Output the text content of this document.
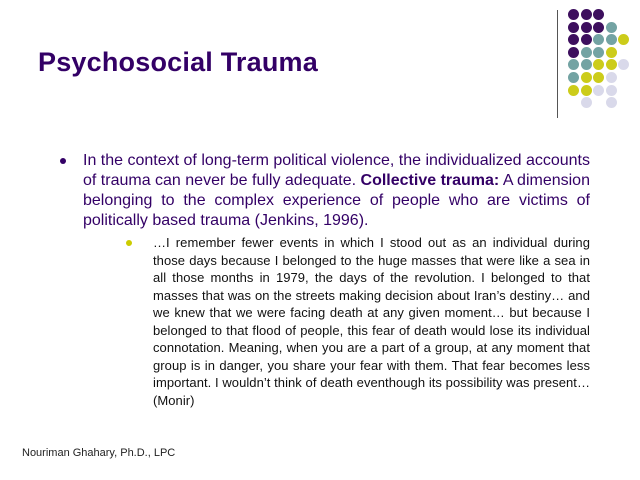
Psychosocial Trauma
In the context of long-term political violence, the individualized accounts of trauma can never be fully adequate. Collective trauma: A dimension belonging to the complex experience of people who are victims of politically based trauma (Jenkins, 1996).
…I remember fewer events in which I stood out as an individual during those days because I belonged to the huge masses that were like a sea in all those months in 1979, the days of the revolution. I belonged to that masses that was on the streets making decision about Iran’s destiny… and we knew that we were facing death at any given moment… but because I belonged to that flood of people, this fear of death would lose its individual connotation. Meaning, when you are a part of a group, at any moment that group is in danger, you share your fear with them. That fear becomes less important. I wouldn’t think of death eventhough its possibility was present… (Monir)
Nouriman Ghahary, Ph.D., LPC
